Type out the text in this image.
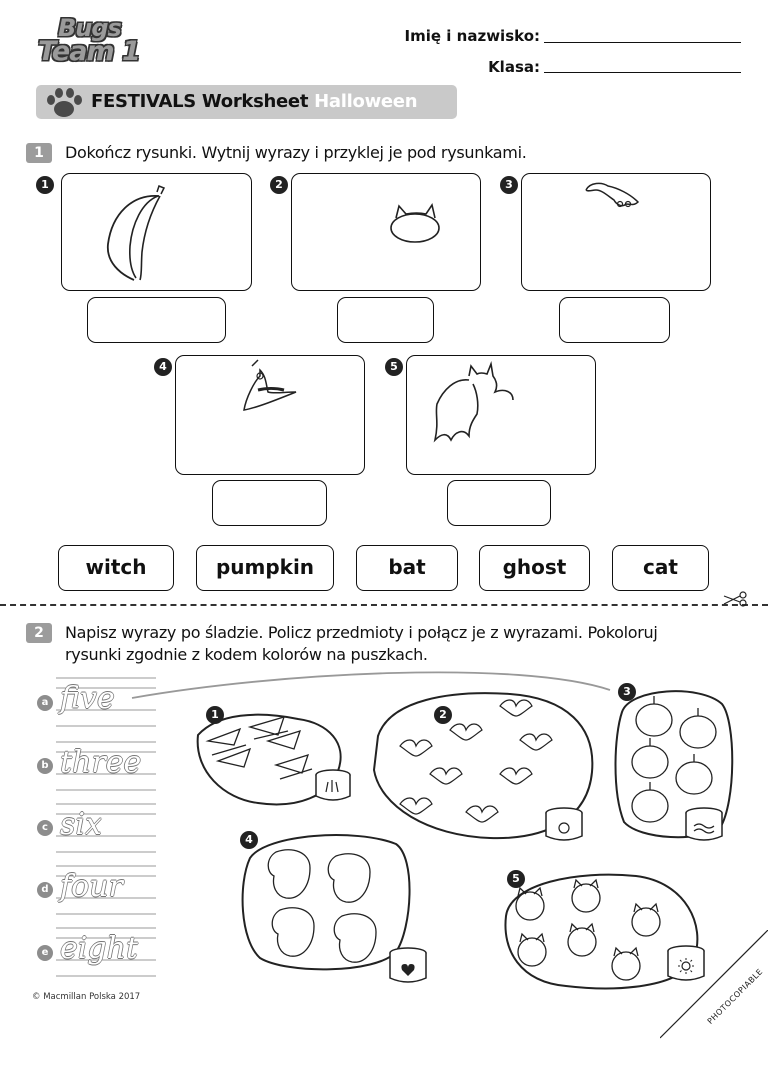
Bugs
Team 1	Imię i nazwisko:
Klasa:
FESTIVALS Worksheet Halloween
1	Dokończ rysunki. Wytnij wyrazy i przyklej je pod rysunkami.
1	2	3
4	5
witch	pumpkin	bat	ghost	cat
2	Napisz wyrazy po śladzie. Policz przedmioty i połącz je z wyrazami. Pokoloruj
rysunki zgodnie z kodem kolorów na puszkach.
a five
b three
c six
d four
e eight
1	2
3
4
5
© Macmillan Polska 2017	PHOTOCOPIABLE
